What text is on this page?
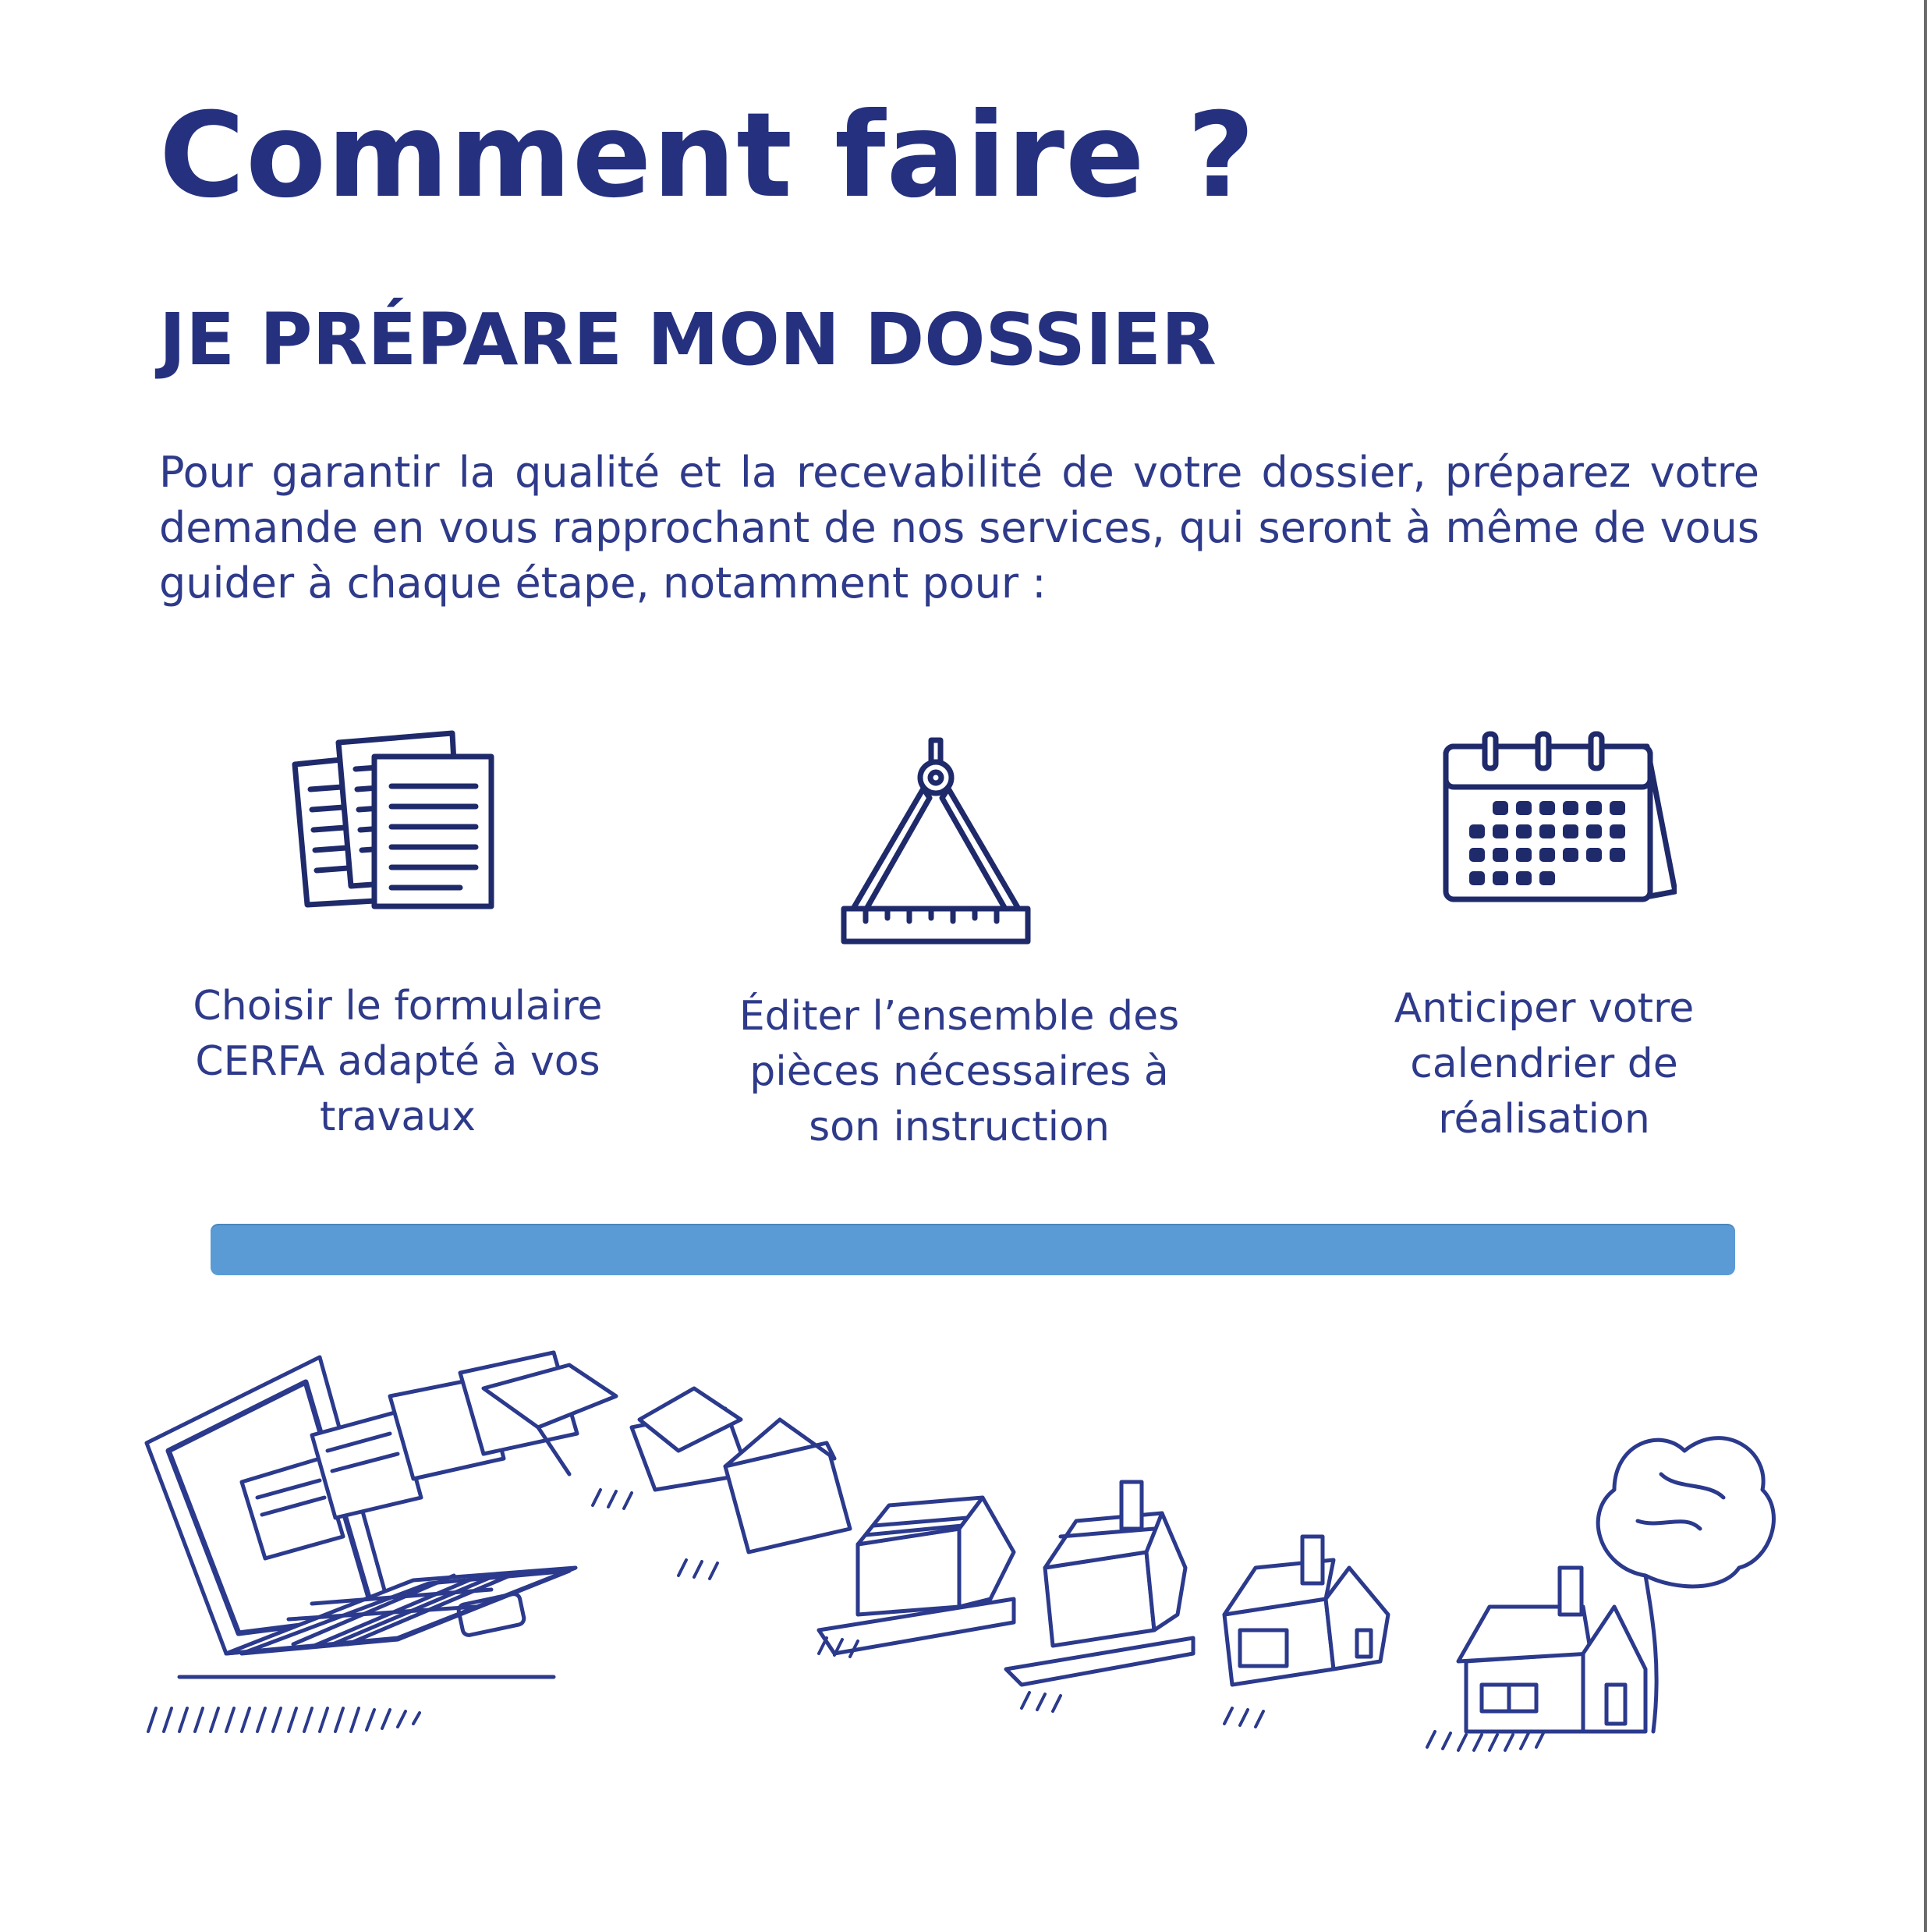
Comment faire ?
JE PRÉPARE MON DOSSIER

Pour garantir la qualité et la recevabilité de votre dossier, préparez votre demande en vous rapprochant de nos services, qui seront à même de vous guider à chaque étape, notamment pour :

Choisir le formulaire CERFA adapté à vos travaux

Éditer l’ensemble des pièces nécessaires à son instruction

Anticiper votre calendrier de réalisation
